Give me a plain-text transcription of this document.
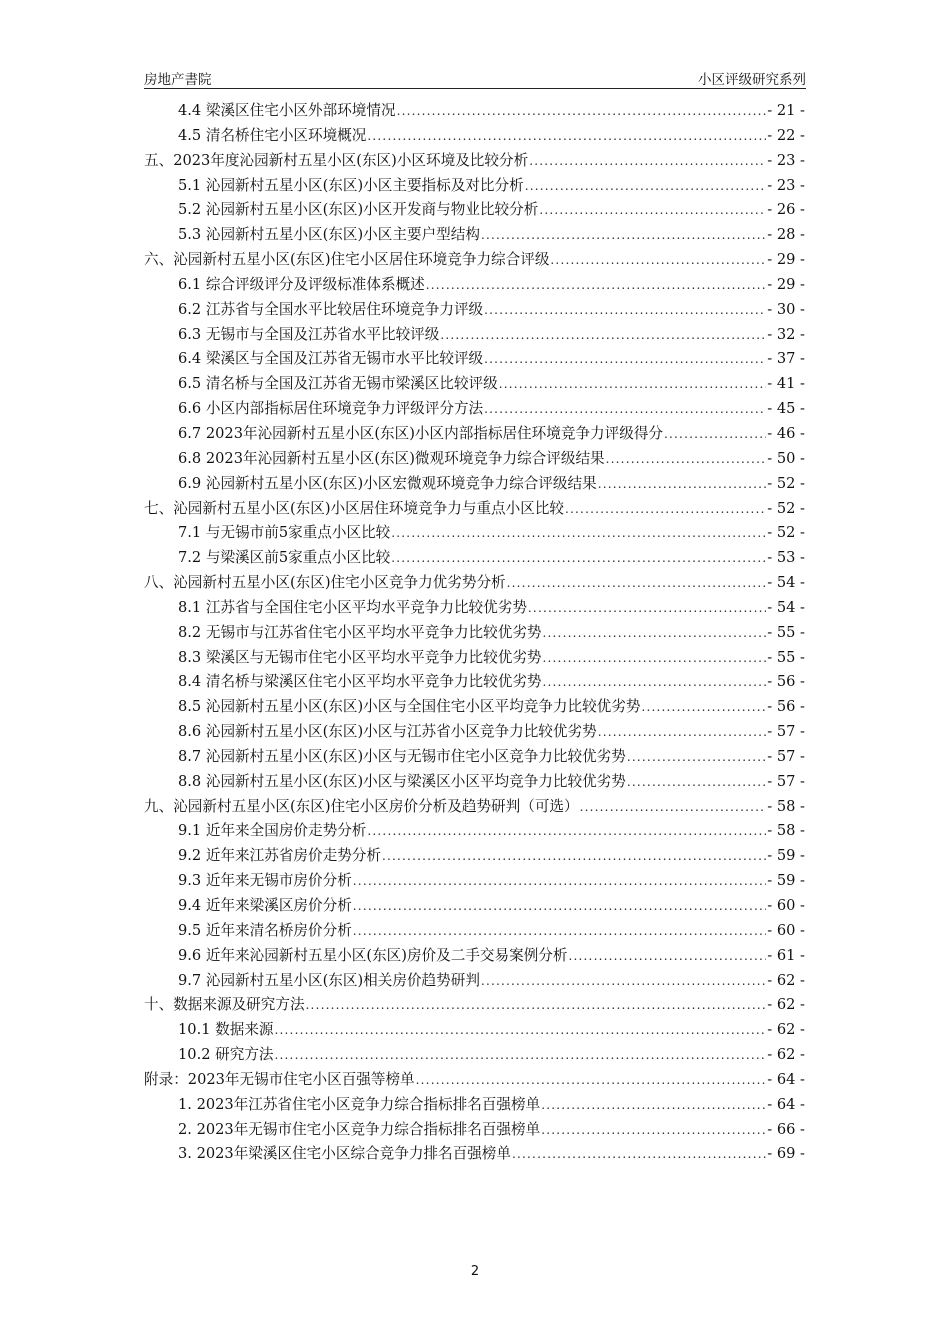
房地产書院	小区评级研究系列
4.4 梁溪区住宅小区外部环境情况 .....	- 21 -
4.5 清名桥住宅小区环境概况 .....	- 22 -
五、2023年度沁园新村五星小区(东区)小区环境及比较分析 .....	- 23 -
5.1 沁园新村五星小区(东区)小区主要指标及对比分析 .....	- 23 -
5.2 沁园新村五星小区(东区)小区开发商与物业比较分析 .....	- 26 -
5.3 沁园新村五星小区(东区)小区主要户型结构 .....	- 28 -
六、沁园新村五星小区(东区)住宅小区居住环境竞争力综合评级 .....	- 29 -
6.1 综合评级评分及评级标准体系概述 .....	- 29 -
6.2 江苏省与全国水平比较居住环境竞争力评级 .....	- 30 -
6.3 无锡市与全国及江苏省水平比较评级 .....	- 32 -
6.4 梁溪区与全国及江苏省无锡市水平比较评级 .....	- 37 -
6.5 清名桥与全国及江苏省无锡市梁溪区比较评级 .....	- 41 -
6.6 小区内部指标居住环境竞争力评级评分方法 .....	- 45 -
6.7 2023年沁园新村五星小区(东区)小区内部指标居住环境竞争力评级得分 .....	- 46 -
6.8 2023年沁园新村五星小区(东区)微观环境竞争力综合评级结果 .....	- 50 -
6.9 沁园新村五星小区(东区)小区宏微观环境竞争力综合评级结果 .....	- 52 -
七、沁园新村五星小区(东区)小区居住环境竞争力与重点小区比较 .....	- 52 -
7.1 与无锡市前5家重点小区比较 .....	- 52 -
7.2 与梁溪区前5家重点小区比较 .....	- 53 -
八、沁园新村五星小区(东区)住宅小区竞争力优劣势分析 .....	- 54 -
8.1 江苏省与全国住宅小区平均水平竞争力比较优劣势 .....	- 54 -
8.2 无锡市与江苏省住宅小区平均水平竞争力比较优劣势 .....	- 55 -
8.3 梁溪区与无锡市住宅小区平均水平竞争力比较优劣势 .....	- 55 -
8.4 清名桥与梁溪区住宅小区平均水平竞争力比较优劣势 .....	- 56 -
8.5 沁园新村五星小区(东区)小区与全国住宅小区平均竞争力比较优劣势 .....	- 56 -
8.6 沁园新村五星小区(东区)小区与江苏省小区竞争力比较优劣势 .....	- 57 -
8.7 沁园新村五星小区(东区)小区与无锡市住宅小区竞争力比较优劣势 .....	- 57 -
8.8 沁园新村五星小区(东区)小区与梁溪区小区平均竞争力比较优劣势 .....	- 57 -
九、沁园新村五星小区(东区)住宅小区房价分析及趋势研判（可选） .....	- 58 -
9.1 近年来全国房价走势分析 .....	- 58 -
9.2 近年来江苏省房价走势分析 .....	- 59 -
9.3 近年来无锡市房价分析 .....	- 59 -
9.4 近年来梁溪区房价分析 .....	- 60 -
9.5 近年来清名桥房价分析 .....	- 60 -
9.6 近年来沁园新村五星小区(东区)房价及二手交易案例分析 .....	- 61 -
9.7 沁园新村五星小区(东区)相关房价趋势研判 .....	- 62 -
十、数据来源及研究方法 .....	- 62 -
10.1 数据来源 .....	- 62 -
10.2 研究方法 .....	- 62 -
附录：2023年无锡市住宅小区百强等榜单 .....	- 64 -
1. 2023年江苏省住宅小区竞争力综合指标排名百强榜单 .....	- 64 -
2. 2023年无锡市住宅小区竞争力综合指标排名百强榜单 .....	- 66 -
3. 2023年梁溪区住宅小区综合竞争力排名百强榜单 .....	- 69 -
2
